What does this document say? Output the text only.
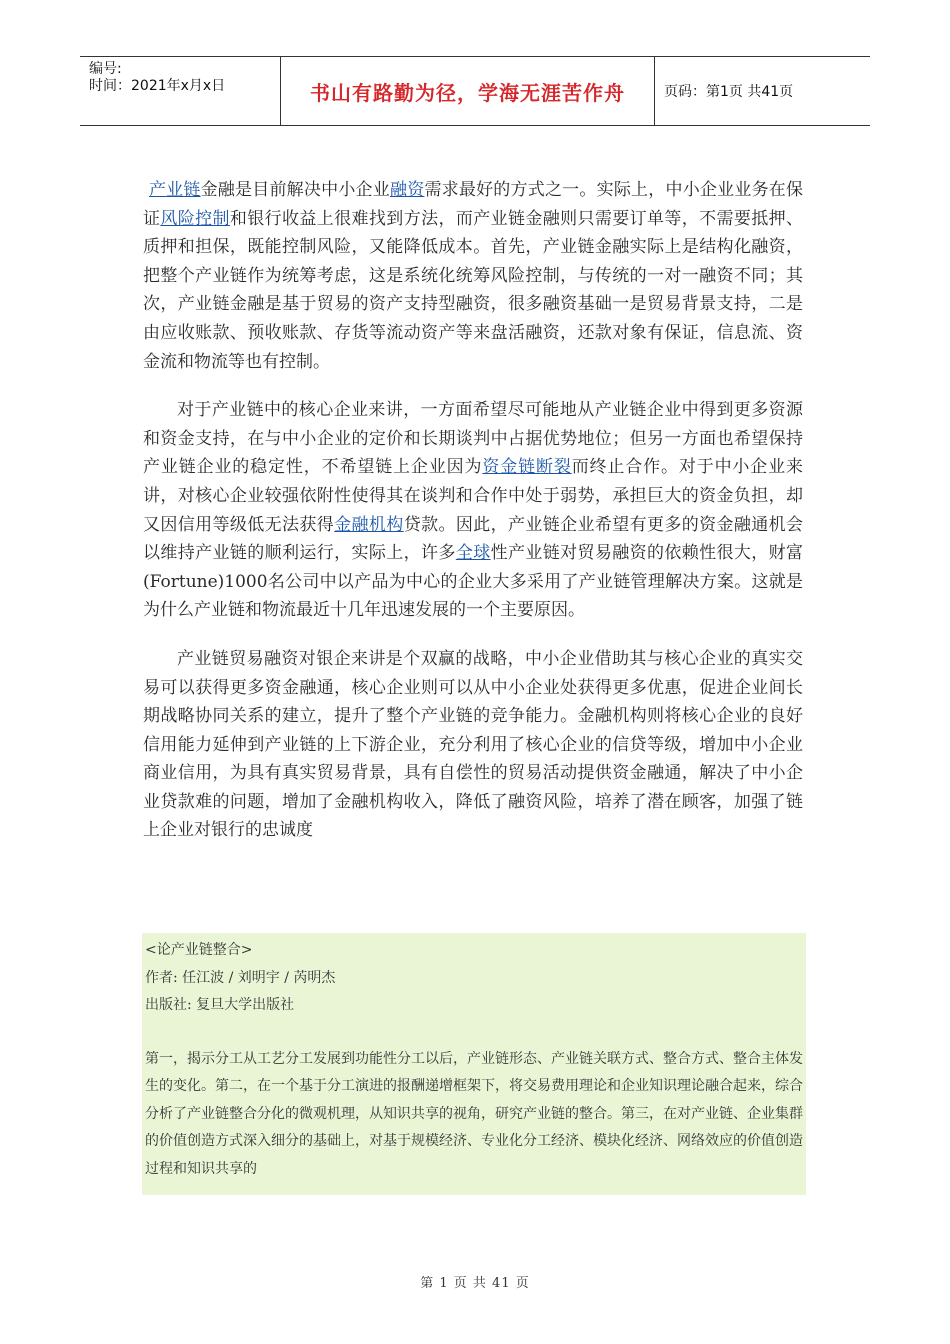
编号:
时间：2021年x月x日	书山有路勤为径，学海无涯苦作舟	页码：第1页 共41页

产业链金融是目前解决中小企业融资需求最好的方式之一。实际上，中小企业业务在保证风险控制和银行收益上很难找到方法，而产业链金融则只需要订单等，不需要抵押、质押和担保，既能控制风险，又能降低成本。首先，产业链金融实际上是结构化融资，把整个产业链作为统筹考虑，这是系统化统筹风险控制，与传统的一对一融资不同；其次，产业链金融是基于贸易的资产支持型融资，很多融资基础一是贸易背景支持，二是由应收账款、预收账款、存货等流动资产等来盘活融资，还款对象有保证，信息流、资金流和物流等也有控制。

对于产业链中的核心企业来讲，一方面希望尽可能地从产业链企业中得到更多资源和资金支持，在与中小企业的定价和长期谈判中占据优势地位；但另一方面也希望保持产业链企业的稳定性，不希望链上企业因为资金链断裂而终止合作。对于中小企业来讲，对核心企业较强依附性使得其在谈判和合作中处于弱势，承担巨大的资金负担，却又因信用等级低无法获得金融机构贷款。因此，产业链企业希望有更多的资金融通机会以维持产业链的顺利运行，实际上，许多全球性产业链对贸易融资的依赖性很大，财富(Fortune)1000名公司中以产品为中心的企业大多采用了产业链管理解决方案。这就是为什么产业链和物流最近十几年迅速发展的一个主要原因。

产业链贸易融资对银企来讲是个双赢的战略，中小企业借助其与核心企业的真实交易可以获得更多资金融通，核心企业则可以从中小企业处获得更多优惠，促进企业间长期战略协同关系的建立，提升了整个产业链的竞争能力。金融机构则将核心企业的良好信用能力延伸到产业链的上下游企业，充分利用了核心企业的信贷等级，增加中小企业商业信用，为具有真实贸易背景，具有自偿性的贸易活动提供资金融通，解决了中小企业贷款难的问题，增加了金融机构收入，降低了融资风险，培养了潜在顾客，加强了链上企业对银行的忠诚度

<论产业链整合>
作者: 任江波 / 刘明宇 / 芮明杰
出版社: 复旦大学出版社
第一，揭示分工从工艺分工发展到功能性分工以后，产业链形态、产业链关联方式、整合方式、整合主体发生的变化。第二，在一个基于分工演进的报酬递增框架下，将交易费用理论和企业知识理论融合起来，综合分析了产业链整合分化的微观机理，从知识共享的视角，研究产业链的整合。第三，在对产业链、企业集群的价值创造方式深入细分的基础上，对基于规模经济、专业化分工经济、模块化经济、网络效应的价值创造过程和知识共享的
第 1 页 共 41 页
